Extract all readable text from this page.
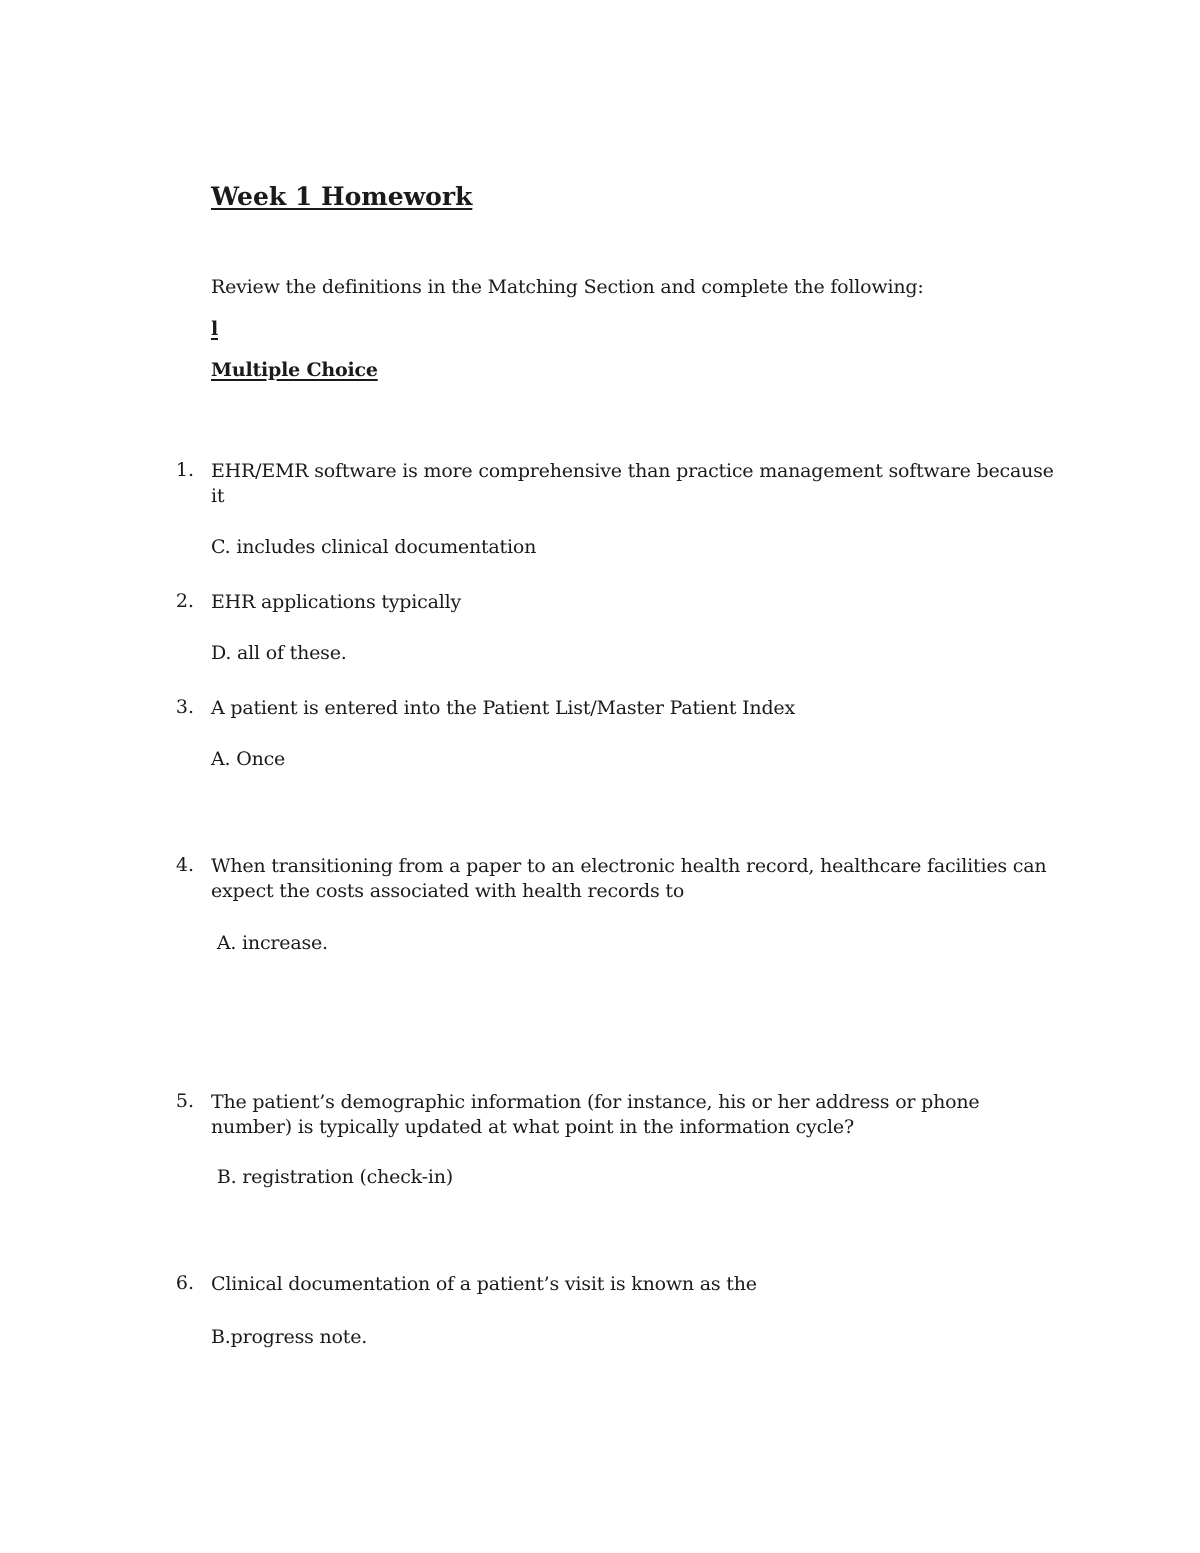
Week 1 Homework
Review the definitions in the Matching Section and complete the following:
l
Multiple Choice
1. EHR/EMR software is more comprehensive than practice management software because it
C. includes clinical documentation
2. EHR applications typically
D. all of these.
3. A patient is entered into the Patient List/Master Patient Index
A. Once
4. When transitioning from a paper to an electronic health record, healthcare facilities can expect the costs associated with health records to
A. increase.
5. The patient’s demographic information (for instance, his or her address or phone number) is typically updated at what point in the information cycle?
B. registration (check-in)
6. Clinical documentation of a patient’s visit is known as the
B.progress note.
